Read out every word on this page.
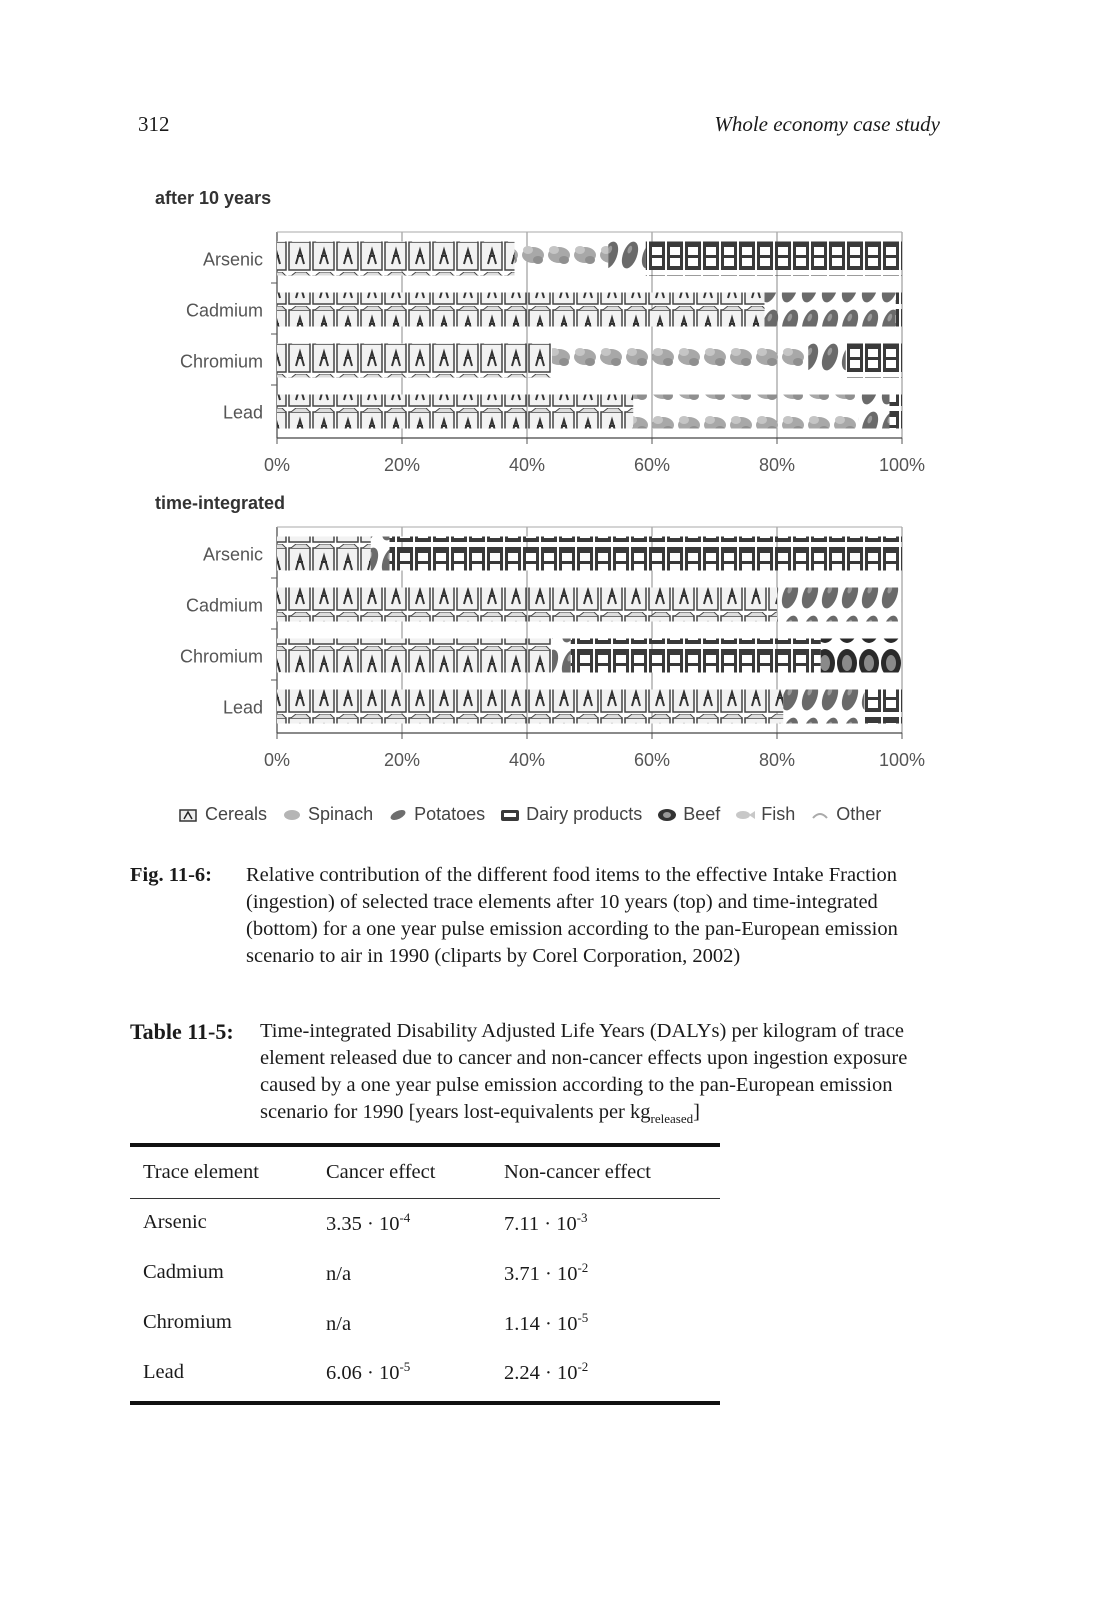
312	Whole economy case study
after 10 years
time-integrated
0%	20%	40%	60%	80%	100%
Arsenic
Cadmium
Chromium
Lead
0%	20%	40%	60%	80%	100%
Arsenic
Cadmium
Chromium
Lead
Cereals Spinach Potatoes Dairy products Beef Fish Other
Fig. 11-6:	Relative contribution of the different food items to the effective Intake Fraction (ingestion) of selected trace elements after 10 years (top) and time-integrated (bottom) for a one year pulse emission according to the pan-European emission scenario to air in 1990 (cliparts by Corel Corporation, 2002)
Table 11-5:	Time-integrated Disability Adjusted Life Years (DALYs) per kilogram of trace element released due to cancer and non-cancer effects upon ingestion exposure caused by a one year pulse emission according to the pan-European emission scenario for 1990 [years lost-equivalents per $kg_{released}$]
Trace element	Cancer effect	Non-cancer effect
Arsenic	$3.35 \cdot 10^{-4}$	$7.11 \cdot 10^{-3}$
Cadmium	n/a	$3.71 \cdot 10^{-2}$
Chromium	n/a	$1.14 \cdot 10^{-5}$
Lead	$6.06 \cdot 10^{-5}$	$2.24 \cdot 10^{-2}$
